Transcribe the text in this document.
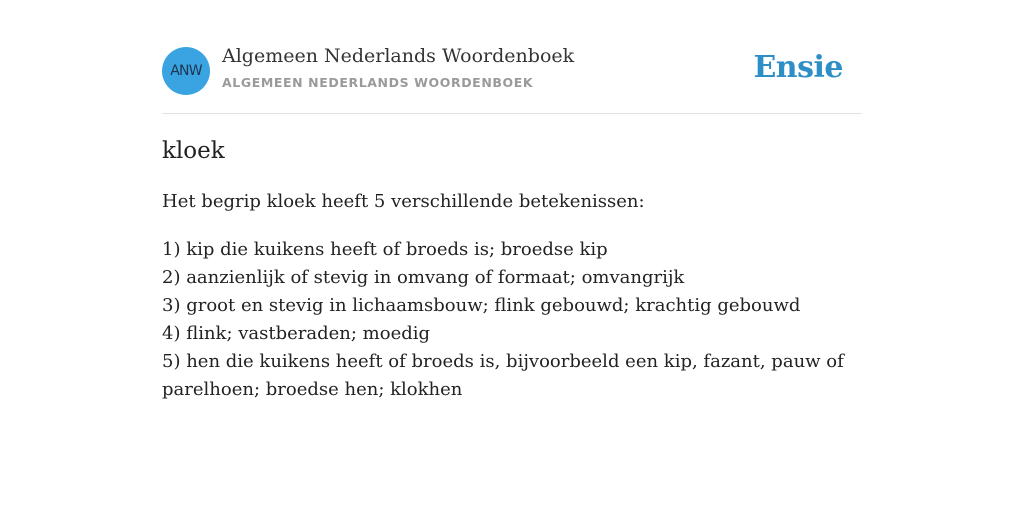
ANW
Algemeen Nederlands Woordenboek
ALGEMEEN NEDERLANDS WOORDENBOEK	Ensie
kloek
Het begrip kloek heeft 5 verschillende betekenissen:
1) kip die kuikens heeft of broeds is; broedse kip
2) aanzienlijk of stevig in omvang of formaat; omvangrijk
3) groot en stevig in lichaamsbouw; flink gebouwd; krachtig gebouwd
4) flink; vastberaden; moedig
5) hen die kuikens heeft of broeds is, bijvoorbeeld een kip, fazant, pauw of parelhoen; broedse hen; klokhen
